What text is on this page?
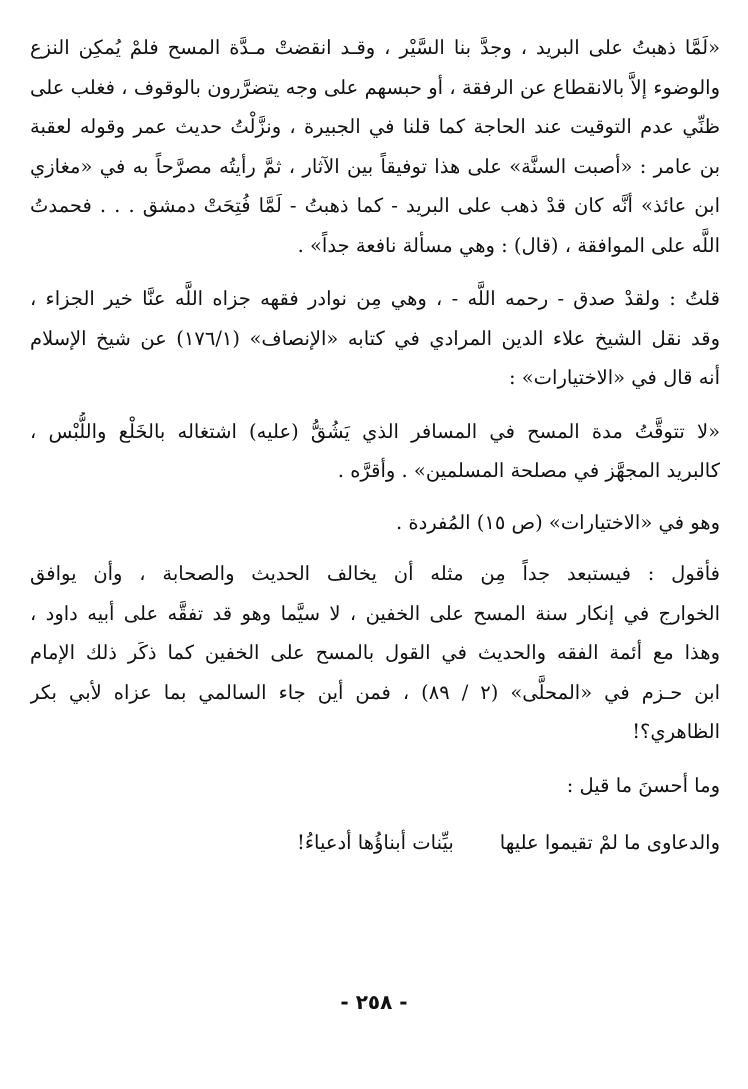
«لَمَّا ذهبتُ على البريد ، وجدَّ بنا السَّيْر ، وقـد انقضتْ مـدَّة المسح فلمْ يُمكِن النزع
والوضوء إلاَّ بالانقطاع عن الرفقة ، أو حبسهم على وجه يتضرَّرون بالوقوف ، فغلب على
ظنِّي عدم التوقيت عند الحاجة كما قلنا في الجبيرة ، ونزَّلْتُ حديث عمر وقوله لعقبة
بن عامر : «أصبت السنَّة» على هذا توفيقاً بين الآثار ، ثمَّ رأيتُه مصرَّحاً به في «مغازي
ابن عائذ» أنَّه كان قدْ ذهب على البريد - كما ذهبتُ - لَمَّا فُتِحَتْ دمشق . . . فحمدتُ
اللَّه على الموافقة ، (قال) : وهي مسألة نافعة جداً» .
قلتُ : ولقدْ صدق - رحمه اللَّه - ، وهي مِن نوادر فقهه جزاه اللَّه عنَّا خير الجزاء ،
وقد نقل الشيخ علاء الدين المرادي في كتابه «الإنصاف» (١٧٦/١) عن شيخ الإسلام
أنه قال في «الاختيارات» :
«لا تتوقَّتُ مدة المسح في المسافر الذي يَشُقُّ (عليه) اشتغاله بالخَلْع واللُّبْس ،
كالبريد المجهَّز في مصلحة المسلمين» . وأقرَّه .
وهو في «الاختيارات» (ص ١٥) المُفردة .
فأقول : فيستبعد جداً مِن مثله أن يخالف الحديث والصحابة ، وأن يوافق
الخوارج في إنكار سنة المسح على الخفين ، لا سيَّما وهو قد تفقَّه على أبيه داود ،
وهذا مع أئمة الفقه والحديث في القول بالمسح على الخفين كما ذكَر ذلك الإمام
ابن حـزم في «المحلَّى» (٢ / ٨٩) ، فمن أين جاء السالمي بما عزاه لأبي بكر
الظاهري؟!
وما أحسنَ ما قيل :
والدعاوى ما لمْ تقيموا عليها
بيِّنات أبناؤُها أدعياءُ!
- ٢٥٨ -
